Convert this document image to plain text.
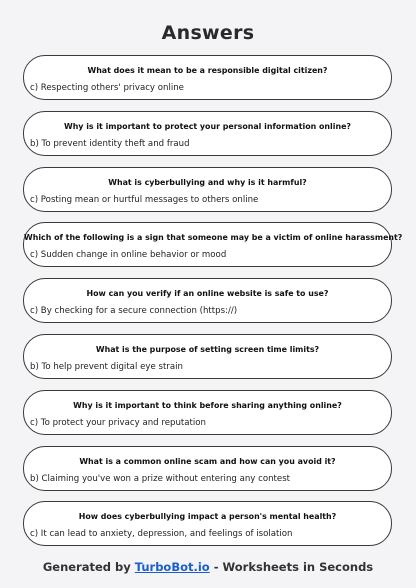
Answers
What does it mean to be a responsible digital citizen?
c) Respecting others' privacy online
Why is it important to protect your personal information online?
b) To prevent identity theft and fraud
What is cyberbullying and why is it harmful?
c) Posting mean or hurtful messages to others online
Which of the following is a sign that someone may be a victim of online harassment?
c) Sudden change in online behavior or mood
How can you verify if an online website is safe to use?
c) By checking for a secure connection (https://)
What is the purpose of setting screen time limits?
b) To help prevent digital eye strain
Why is it important to think before sharing anything online?
c) To protect your privacy and reputation
What is a common online scam and how can you avoid it?
b) Claiming you've won a prize without entering any contest
How does cyberbullying impact a person's mental health?
c) It can lead to anxiety, depression, and feelings of isolation
Generated by TurboBot.io - Worksheets in Seconds
